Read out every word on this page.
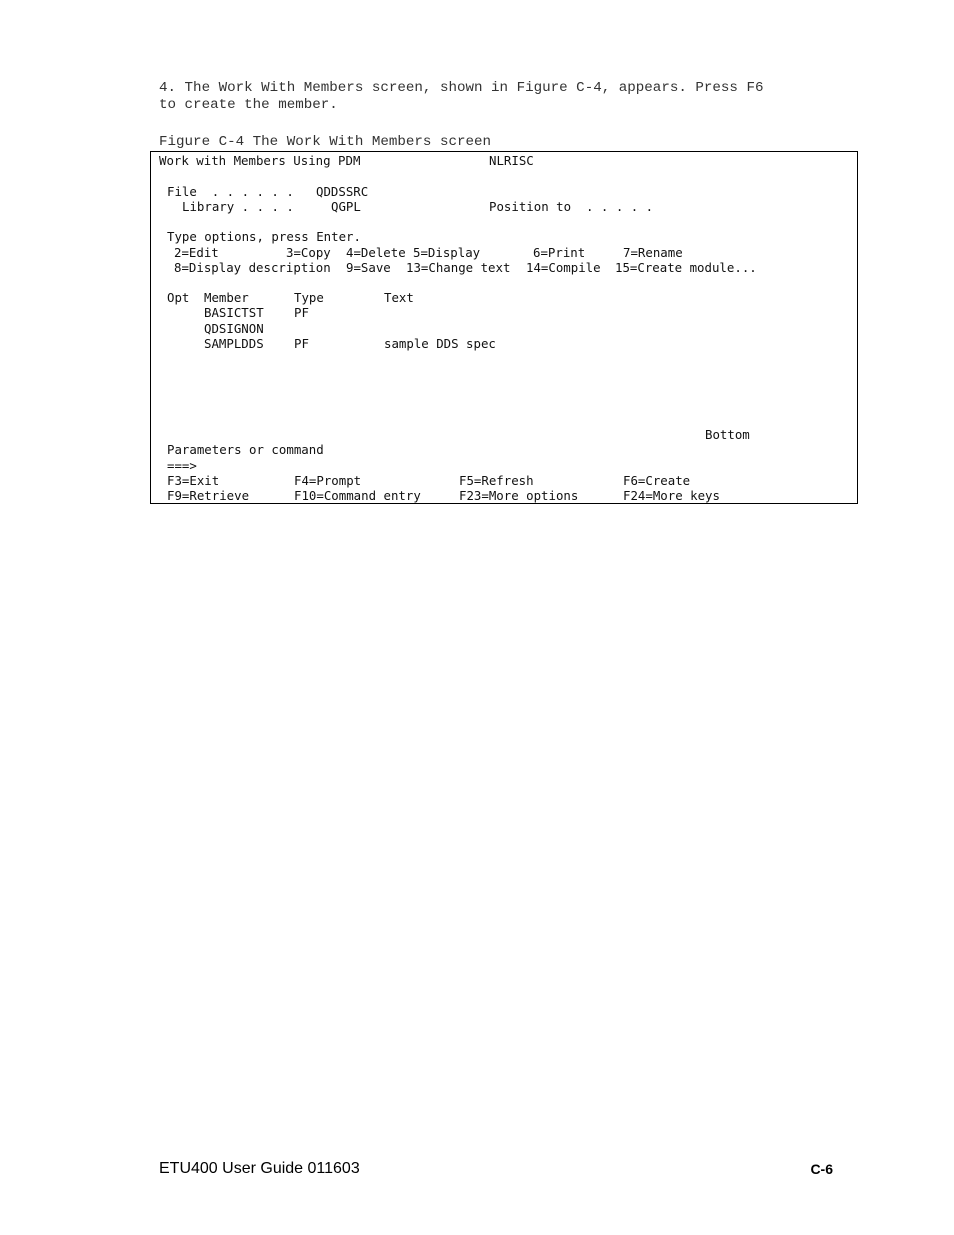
4. The Work With Members screen, shown in Figure C-4, appears. Press F6
to create the member.
Figure C-4 The Work With Members screen
Work with Members Using PDM	NLRISC
File  . . . . . . QDDSSRC
Library . . . .	QGPL	Position to  . . . . .
Type options, press Enter.
2=Edit	3=Copy 4=Delete 5=Display	6=Print	7=Rename
8=Display description 9=Save 13=Change text 14=Compile 15=Create module...
Opt Member	Type	Text
BASICTST PF
QDSIGNON
SAMPLDDS PF	sample DDS spec
Bottom
Parameters or command
===>
F3=Exit	F4=Prompt	F5=Refresh	F6=Create
F9=Retrieve	F10=Command entry	F23=More options	F24=More keys
ETU400 User Guide 011603	C-6
